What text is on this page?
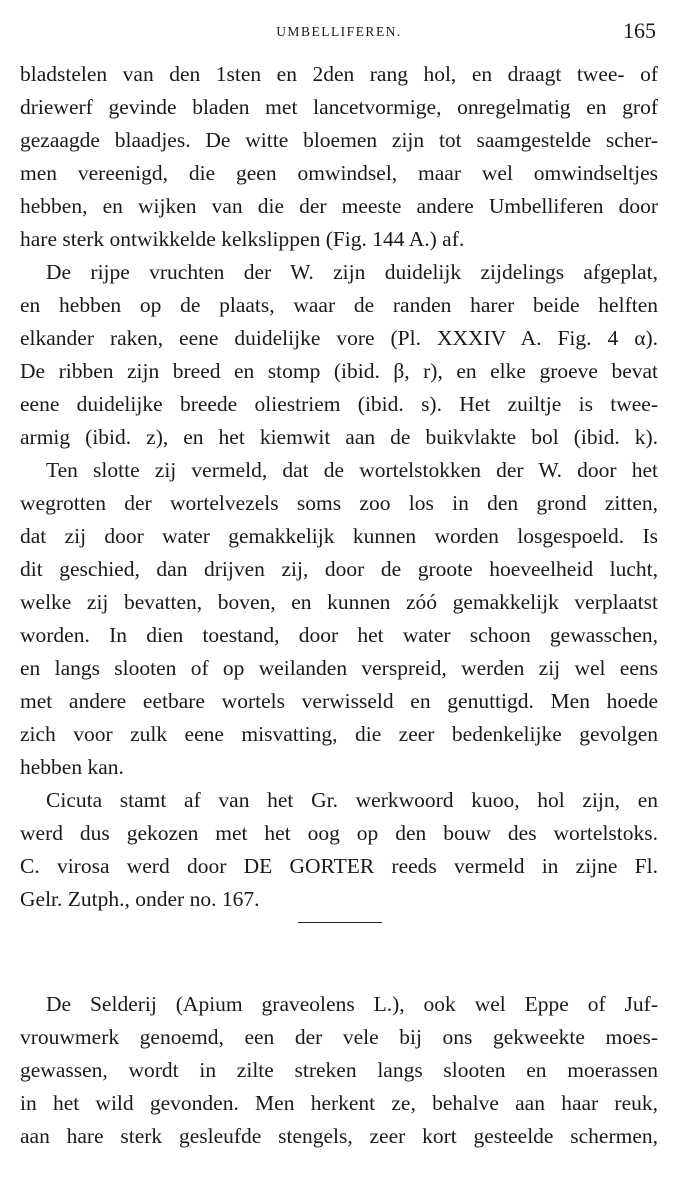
UMBELLIFEREN.	165
bladstelen van den 1sten en 2den rang hol, en draagt twee- of
driewerf gevinde bladen met lancetvormige, onregelmatig en grof
gezaagde blaadjes. De witte bloemen zijn tot saamgestelde scher-
men vereenigd, die geen omwindsel, maar wel omwindseltjes
hebben, en wijken van die der meeste andere Umbelliferen door
hare sterk ontwikkelde kelkslippen (Fig. 144 A.) af.
De rijpe vruchten der W. zijn duidelijk zijdelings afgeplat,
en hebben op de plaats, waar de randen harer beide helften
elkander raken, eene duidelijke vore (Pl. XXXIV A. Fig. 4 α).
De ribben zijn breed en stomp (ibid. β, r), en elke groeve bevat
eene duidelijke breede oliestriem (ibid. s). Het zuiltje is twee-
armig (ibid. z), en het kiemwit aan de buikvlakte bol (ibid. k).
Ten slotte zij vermeld, dat de wortelstokken der W. door het
wegrotten der wortelvezels soms zoo los in den grond zitten,
dat zij door water gemakkelijk kunnen worden losgespoeld. Is
dit geschied, dan drijven zij, door de groote hoeveelheid lucht,
welke zij bevatten, boven, en kunnen zóó gemakkelijk verplaatst
worden. In dien toestand, door het water schoon gewasschen,
en langs slooten of op weilanden verspreid, werden zij wel eens
met andere eetbare wortels verwisseld en genuttigd. Men hoede
zich voor zulk eene misvatting, die zeer bedenkelijke gevolgen
hebben kan.
Cicuta stamt af van het Gr. werkwoord kuoo, hol zijn, en
werd dus gekozen met het oog op den bouw des wortelstoks.
C. virosa werd door DE GORTER reeds vermeld in zijne Fl.
Gelr. Zutph., onder no. 167.
De Selderij (Apium graveolens L.), ook wel Eppe of Juf-
vrouwmerk genoemd, een der vele bij ons gekweekte moes-
gewassen, wordt in zilte streken langs slooten en moerassen
in het wild gevonden. Men herkent ze, behalve aan haar reuk,
aan hare sterk gesleufde stengels, zeer kort gesteelde schermen,
